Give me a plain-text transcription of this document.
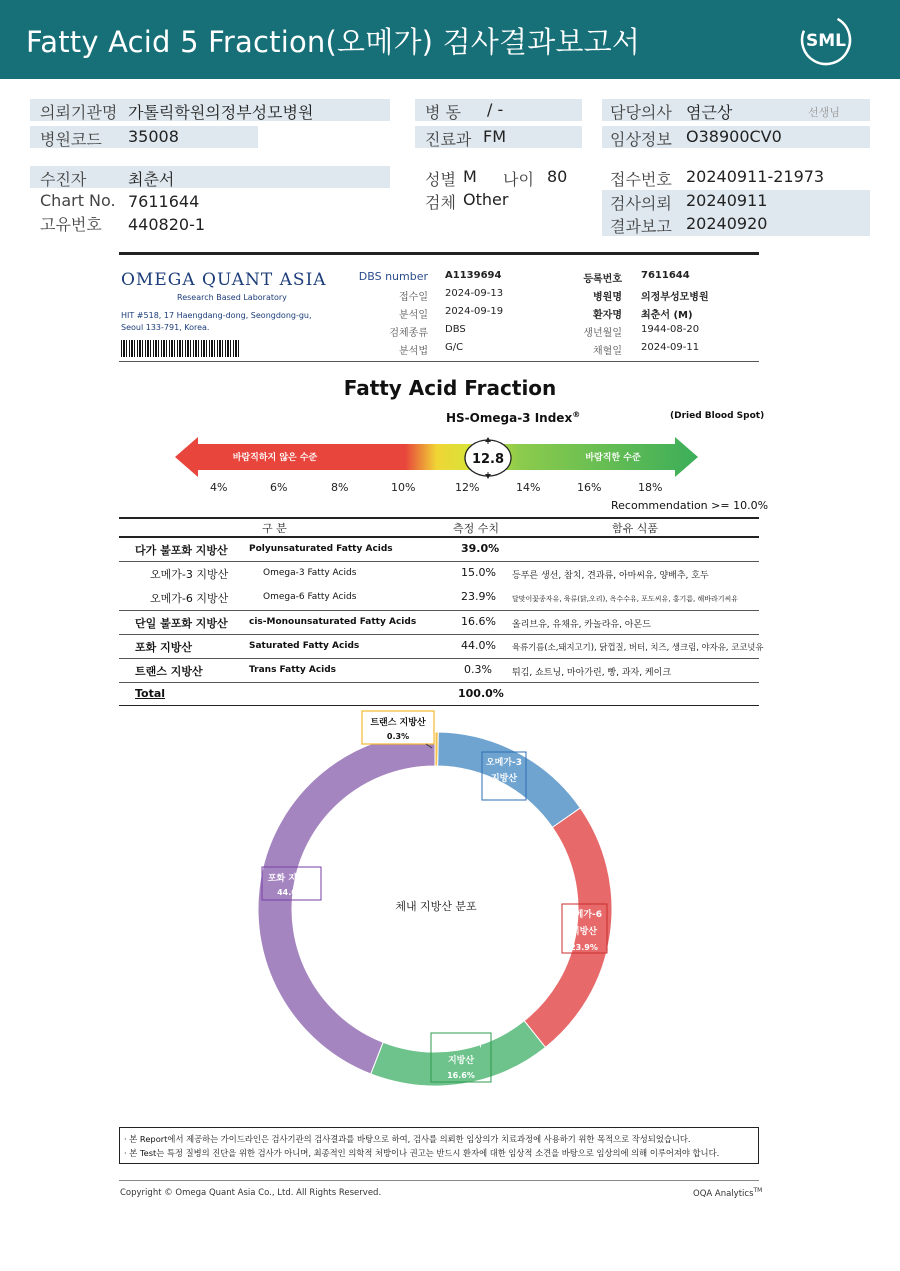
Fatty Acid 5 Fraction(오메가) 검사결과보고서	SML
의뢰기관명 가톨릭학원의정부성모병원	병 동 / -	담당의사 염근상	선생님
병원코드 35008	진료과 FM	임상정보 O38900CV0
수진자	최춘서	성별 M 나이 80	접수번호 20240911-21973
Chart No. 7611644	검체 Other	검사의뢰 20240911
결과보고 20240920
고유번호 440820-1
OMEGA QUANT ASIA
Research Based Laboratory
HIT #518, 17 Haengdang-dong, Seongdong-gu,
Seoul 133-791, Korea.
DBS number A1139694
접수일 2024-09-13
분석일 2024-09-19
검체종류 DBS
분석법 G/C
등록번호 7611644
병원명 의정부성모병원
환자명 최춘서 (M)
생년월일 1944-08-20
채혈일 2024-09-11
Fatty Acid Fraction
HS-Omega-3 Index®	(Dried Blood Spot)
바람직하지 않은 수준	바람직한 수준
12.8
4%	6%	8%	10%	12%	14%	16%	18%
Recommendation >= 10.0%
구 분	측정 수치	함유 식품
다가 불포화 지방산 Polyunsaturated Fatty Acids	39.0%
오메가-3 지방산	Omega-3 Fatty Acids	15.0% 등푸른 생선, 참치, 견과류, 아마씨유, 양배추, 호두
오메가-6 지방산	Omega-6 Fatty Acids	23.9% 달맞이꽃종자유, 육류(닭,오리), 옥수수유, 포도씨유, 홍기름, 해바라기씨유
단일 불포화 지방산 cis-Monounsaturated Fatty Acids	16.6% 올리브유, 유채유, 카놀라유, 아몬드
포화 지방산	Saturated Fatty Acids	44.0% 육류기름(소,돼지고기), 닭껍질, 버터, 치즈, 생크림, 야자유, 코코넛유
트랜스 지방산	Trans Fatty Acids	0.3% 튀김, 쇼트닝, 마아가린, 빵, 과자, 케이크
Total	100.0%
체내 지방산 분포
트랜스 지방산
0.3%
오메가-3
지방산
15.0%
오메가-6
지방산
23.9%
단일불포화
지방산
16.6%
포화 지방산
44.0%
· 본 Report에서 제공하는 가이드라인은 검사기관의 검사결과를 바탕으로 하여, 검사를 의뢰한 임상의가 치료과정에 사용하기 위한 목적으로 작성되었습니다.
· 본 Test는 특정 질병의 진단을 위한 검사가 아니며, 최종적인 의학적 처방이나 권고는 반드시 환자에 대한 임상적 소견을 바탕으로 임상의에 의해 이루어져야 합니다.
Copyright © Omega Quant Asia Co., Ltd. All Rights Reserved.	OQA Analytics™
